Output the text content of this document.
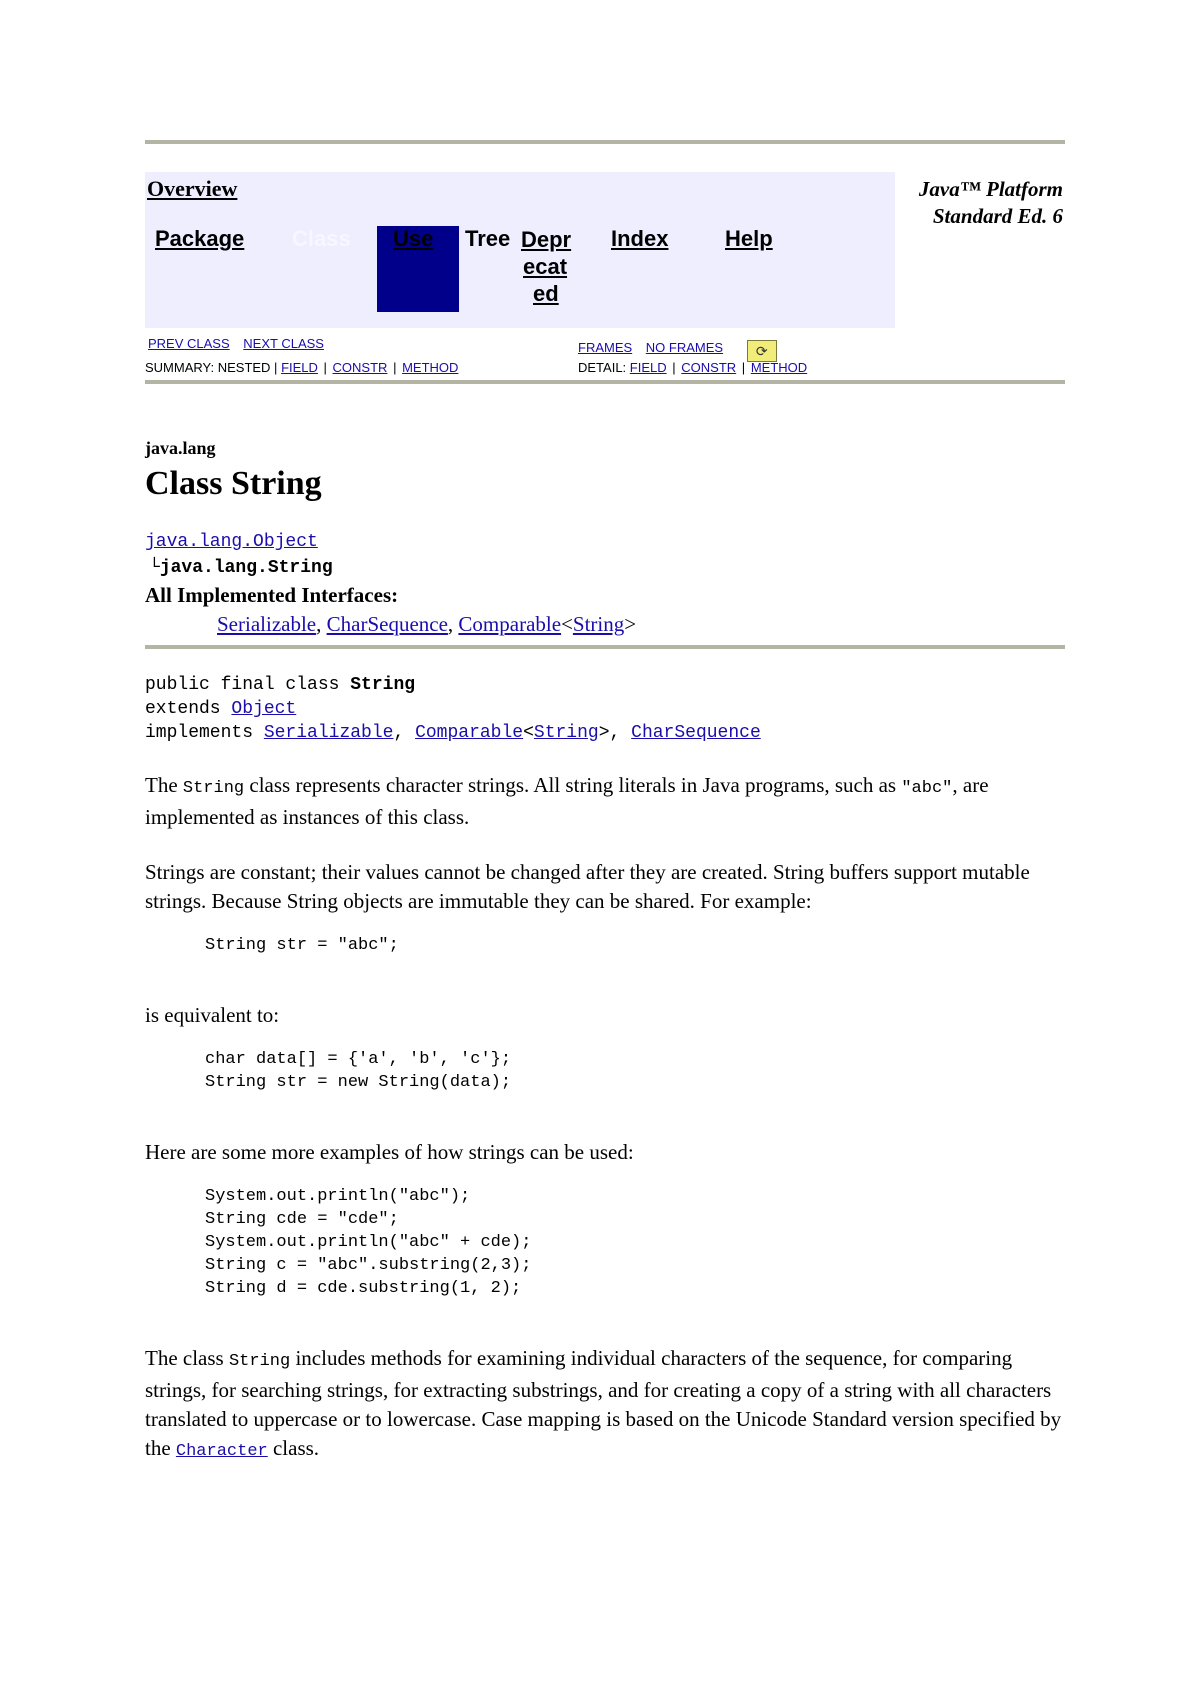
Overview
Package Class	Use	Tree Depr
ecat
ed
Index	Help
Java™ Platform
Standard Ed. 6
PREV CLASS NEXT CLASS
SUMMARY: NESTED | FIELD | CONSTR | METHOD
FRAMES NO FRAMES ⟳
DETAIL: FIELD | CONSTR | METHOD
java.lang
Class String
java.lang.Object
└java.lang.String
All Implemented Interfaces:
Serializable, CharSequence, Comparable<String>
public final class String
extends Object
implements Serializable, Comparable<String>, CharSequence

The String class represents character strings. All string literals in Java programs, such as "abc", are implemented as instances of this class.

Strings are constant; their values cannot be changed after they are created. String buffers support mutable strings. Because String objects are immutable they can be shared. For example:

String str = "abc";

is equivalent to:

char data[] = {'a', 'b', 'c'};
String str = new String(data);

Here are some more examples of how strings can be used:

System.out.println("abc");
String cde = "cde";
System.out.println("abc" + cde);
String c = "abc".substring(2,3);
String d = cde.substring(1, 2);

The class String includes methods for examining individual characters of the sequence, for comparing strings, for searching strings, for extracting substrings, and for creating a copy of a string with all characters translated to uppercase or to lowercase. Case mapping is based on the Unicode Standard version specified by the Character class.
